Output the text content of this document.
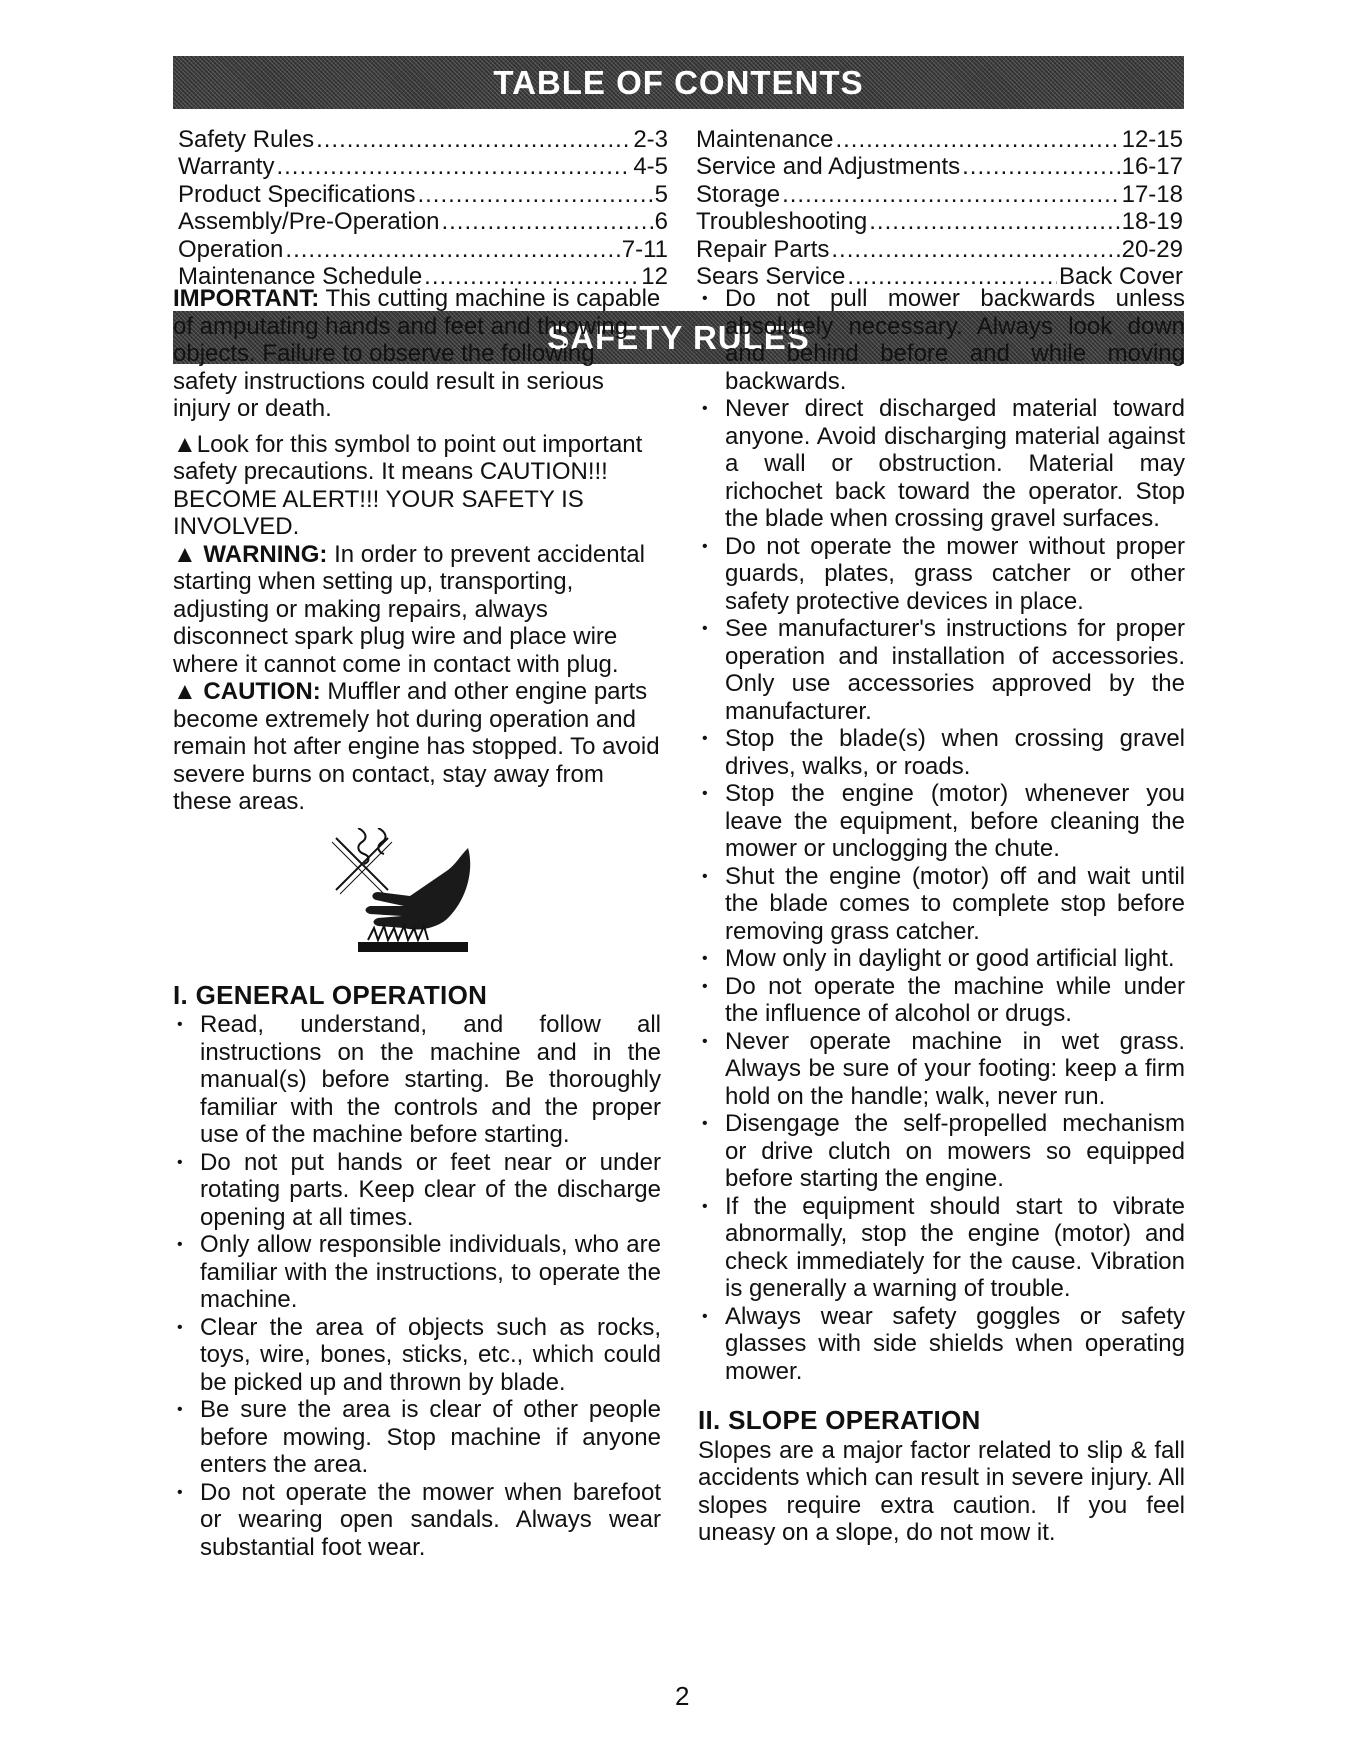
TABLE OF CONTENTS
Safety Rules .....	2-3
Warranty .....	4-5
Product Specifications .....	5
Assembly/Pre-Operation .....	6
Operation .....	7-11
Maintenance Schedule .....	12
Maintenance .....	12-15
Service and Adjustments .....	16-17
Storage .....	17-18
Troubleshooting .....	18-19
Repair Parts .....	20-29
Sears Service .....	Back Cover
SAFETY RULES

IMPORTANT: This cutting machine is capable of amputating hands and feet and throwing objects. Failure to observe the following safety instructions could result in serious injury or death.

▲Look for this symbol to point out important safety precautions. It means CAUTION!!! BECOME ALERT!!! YOUR SAFETY IS INVOLVED.

▲ WARNING: In order to prevent accidental starting when setting up, transporting, adjusting or making repairs, always disconnect spark plug wire and place wire where it cannot come in contact with plug.

▲ CAUTION: Muffler and other engine parts become extremely hot during operation and remain hot after engine has stopped. To avoid severe burns on contact, stay away from these areas.

I. GENERAL OPERATION
• Read, understand, and follow all instructions on the machine and in the manual(s) before starting. Be thoroughly familiar with the controls and the proper use of the machine before starting.
• Do not put hands or feet near or under rotating parts. Keep clear of the discharge opening at all times.
• Only allow responsible individuals, who are familiar with the instructions, to operate the machine.
• Clear the area of objects such as rocks, toys, wire, bones, sticks, etc., which could be picked up and thrown by blade.
• Be sure the area is clear of other people before mowing. Stop machine if anyone enters the area.
• Do not operate the mower when barefoot or wearing open sandals. Always wear substantial foot wear.
• Do not pull mower backwards unless absolutely necessary. Always look down and behind before and while moving backwards.
• Never direct discharged material toward anyone. Avoid discharging material against a wall or obstruction. Material may richochet back toward the operator. Stop the blade when crossing gravel surfaces.
• Do not operate the mower without proper guards, plates, grass catcher or other safety protective devices in place.
• See manufacturer's instructions for proper operation and installation of accessories. Only use accessories approved by the manufacturer.
• Stop the blade(s) when crossing gravel drives, walks, or roads.
• Stop the engine (motor) whenever you leave the equipment, before cleaning the mower or unclogging the chute.
• Shut the engine (motor) off and wait until the blade comes to complete stop before removing grass catcher.
• Mow only in daylight or good artificial light.
• Do not operate the machine while under the influence of alcohol or drugs.
• Never operate machine in wet grass. Always be sure of your footing: keep a firm hold on the handle; walk, never run.
• Disengage the self-propelled mechanism or drive clutch on mowers so equipped before starting the engine.
• If the equipment should start to vibrate abnormally, stop the engine (motor) and check immediately for the cause. Vibration is generally a warning of trouble.
• Always wear safety goggles or safety glasses with side shields when operating mower.
II. SLOPE OPERATION

Slopes are a major factor related to slip & fall accidents which can result in severe injury. All slopes require extra caution. If you feel uneasy on a slope, do not mow it.

2
